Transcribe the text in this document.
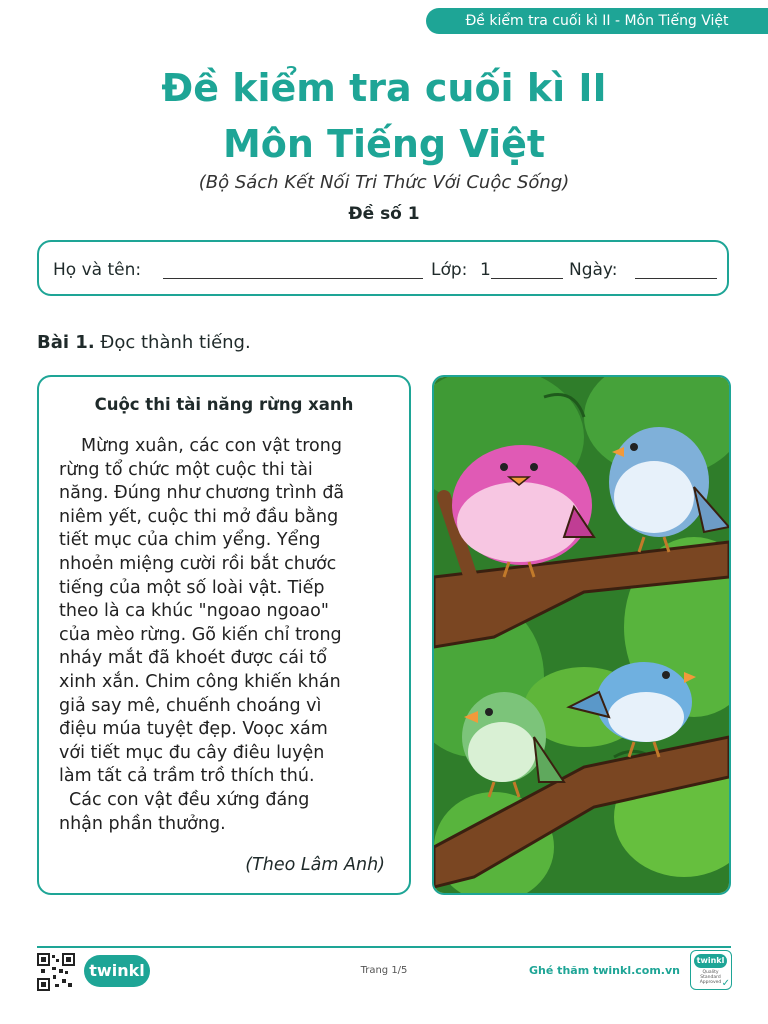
Đề kiểm tra cuối kì II - Môn Tiếng Việt
Đề kiểm tra cuối kì II
Môn Tiếng Việt
(Bộ Sách Kết Nối Tri Thức Với Cuộc Sống)
Đề số 1
Họ và tên:	Lớp: 1	Ngày:
Bài 1. Đọc thành tiếng.
Cuộc thi tài năng rừng xanh

Mừng xuân, các con vật trong
rừng tổ chức một cuộc thi tài
năng. Đúng như chương trình đã
niêm yết, cuộc thi mở đầu bằng
tiết mục của chim yểng. Yểng
nhoẻn miệng cười rồi bắt chước
tiếng của một số loài vật. Tiếp
theo là ca khúc "ngoao ngoao"
của mèo rừng. Gõ kiến chỉ trong
nháy mắt đã khoét được cái tổ
xinh xắn. Chim công khiến khán
giả say mê, chuếnh choáng vì
điệu múa tuyệt đẹp. Voọc xám
với tiết mục đu cây điêu luyện
làm tất cả trầm trồ thích thú.

Các con vật đều xứng đáng
nhận phần thưởng.

(Theo Lâm Anh)
twinkl	Trang 1/5	Ghé thăm twinkl.com.vn
twinkl
Quality Standard Approved ✓
